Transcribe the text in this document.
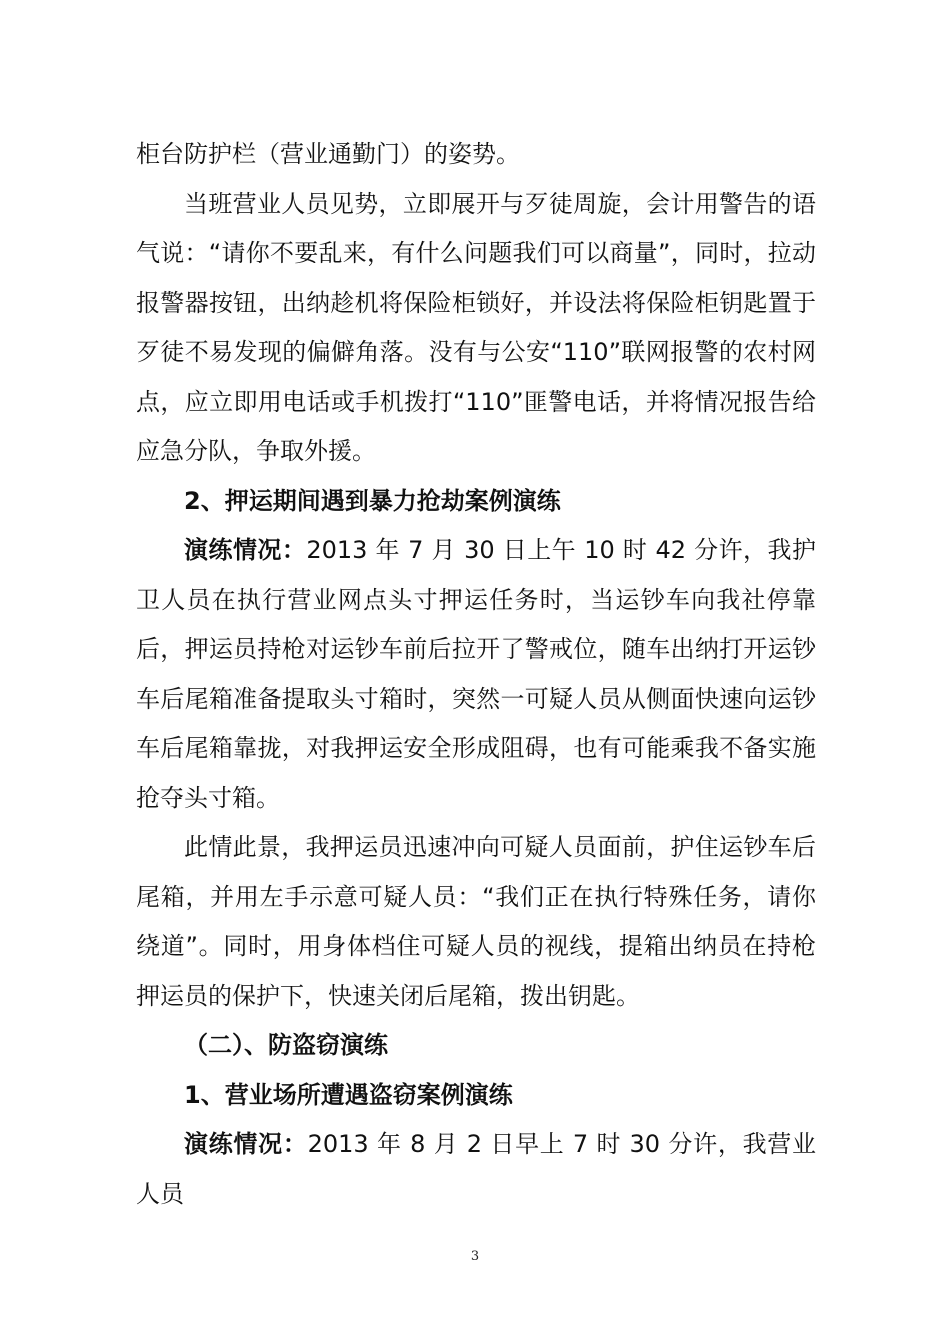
柜台防护栏（营业通勤门）的姿势。

当班营业人员见势，立即展开与歹徒周旋，会计用警告的语气说：“请你不要乱来，有什么问题我们可以商量”，同时，拉动报警器按钮，出纳趁机将保险柜锁好，并设法将保险柜钥匙置于歹徒不易发现的偏僻角落。没有与公安“110”联网报警的农村网点，应立即用电话或手机拨打“110”匪警电话，并将情况报告给应急分队，争取外援。

2、押运期间遇到暴力抢劫案例演练

演练情况：2013 年 7 月 30 日上午 10 时 42 分许，我护卫人员在执行营业网点头寸押运任务时，当运钞车向我社停靠后，押运员持枪对运钞车前后拉开了警戒位，随车出纳打开运钞车后尾箱准备提取头寸箱时，突然一可疑人员从侧面快速向运钞车后尾箱靠拢，对我押运安全形成阻碍，也有可能乘我不备实施抢夺头寸箱。

此情此景，我押运员迅速冲向可疑人员面前，护住运钞车后尾箱，并用左手示意可疑人员：“我们正在执行特殊任务，请你绕道”。同时，用身体档住可疑人员的视线，提箱出纳员在持枪押运员的保护下，快速关闭后尾箱，拨出钥匙。

（二）、防盗窃演练

1、营业场所遭遇盗窃案例演练

演练情况：2013 年 8 月 2 日早上 7 时 30 分许，我营业人员

3
